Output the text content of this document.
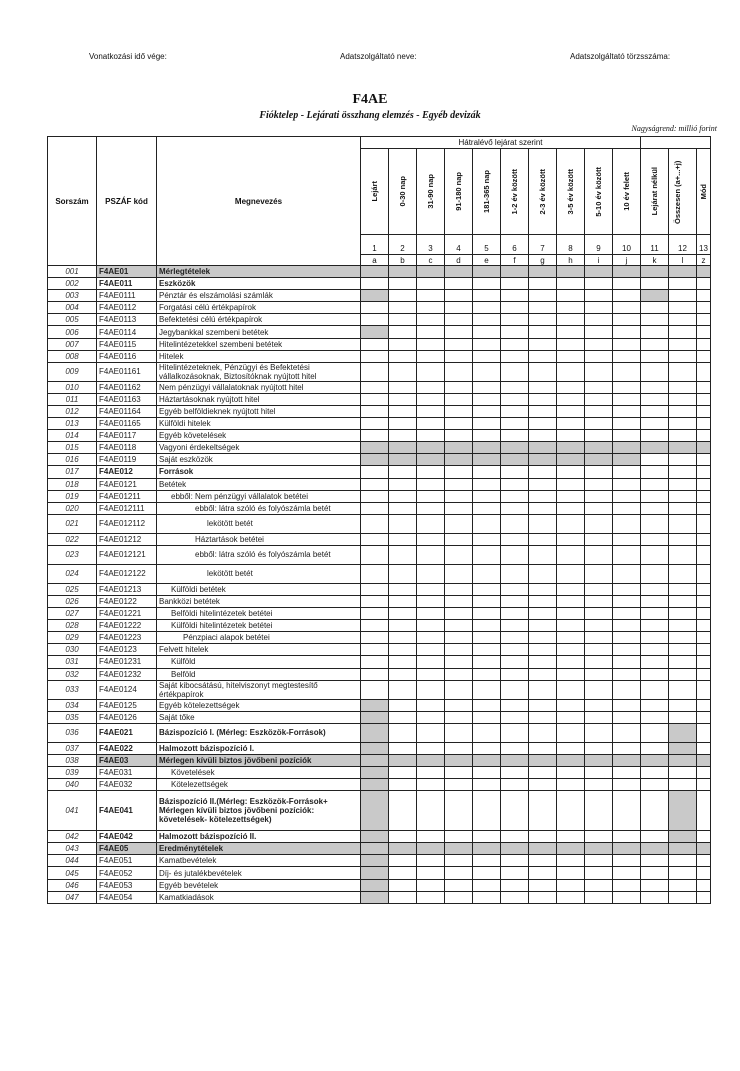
Vonatkozási idő vége:	Adatszolgáltató neve:	Adatszolgáltató törzsszáma:
F4AE
Fióktelep - Lejárati összhang elemzés - Egyéb devizák
Nagyságrend: millió forint
Sorszám	PSZÁF kód	Megnevezés	Hátralévő lejárat szerint												

			Lejárt	0-30 nap	31-90 nap	91-180 nap	181-365 nap	1-2 év között	2-3 év között	3-5 év között	5-10 év között	10 év felett	Lejárat nélkül	Összesen (a+...+j)	Mód

			1	2	3	4	5	6	7	8	9	10	11	12	13
			a	b	c	d	e	f	g	h	i	j	k	l	z
001	F4AE01	Mérlegtételek													
002	F4AE011	Eszközök													
003	F4AE0111	Pénztár és elszámolási számlák													
004	F4AE0112	Forgatási célú értékpapírok													
005	F4AE0113	Befektetési célú értékpapírok													
006	F4AE0114	Jegybankkal szembeni betétek													
007	F4AE0115	Hitelintézetekkel szembeni betétek													
008	F4AE0116	Hitelek													
009	F4AE01161	Hitelintézeteknek, Pénzügyi és Befektetési vállalkozásoknak, Biztosítóknak nyújtott hitel													
010	F4AE01162	Nem pénzügyi vállalatoknak nyújtott hitel													
011	F4AE01163	Háztartásoknak nyújtott hitel													
012	F4AE01164	Egyéb belföldieknek nyújtott hitel													
013	F4AE01165	Külföldi hitelek													
014	F4AE0117	Egyéb követelések													
015	F4AE0118	Vagyoni érdekeltségek													
016	F4AE0119	Saját eszközök													
017	F4AE012	Források													
018	F4AE0121	Betétek													
019	F4AE01211	ebből: Nem pénzügyi vállalatok betétei													
020	F4AE012111	ebből: látra szóló és folyószámla betét													
021	F4AE012112	lekötött betét													
022	F4AE01212	Háztartások betétei													
023	F4AE012121	ebből: látra szóló és folyószámla betét													
024	F4AE012122	lekötött betét													
025	F4AE01213	Külföldi betétek													
026	F4AE0122	Bankközi betétek													
027	F4AE01221	Belföldi hitelintézetek betétei													
028	F4AE01222	Külföldi hitelintézetek betétei													
029	F4AE01223	Pénzpiaci alapok betétei													
030	F4AE0123	Felvett hitelek													
031	F4AE01231	Külföld													
032	F4AE01232	Belföld													
033	F4AE0124	Saját kibocsátású, hitelviszonyt megtestesítő értékpapírok													
034	F4AE0125	Egyéb kötelezettségek													
035	F4AE0126	Saját tőke													
036	F4AE021	Bázispozíció I. (Mérleg: Eszközök-Források)													
037	F4AE022	Halmozott bázispozíció I.													
038	F4AE03	Mérlegen kívüli biztos jövőbeni pozíciók													
039	F4AE031	Követelések													
040	F4AE032	Kötelezettségek													
041	F4AE041	Bázispozíció II.(Mérleg: Eszközök-Források+ Mérlegen kívüli biztos jövőbeni pozíciók: követelések- kötelezettségek)													
042	F4AE042	Halmozott bázispozíció II.													
043	F4AE05	Eredménytételek													
044	F4AE051	Kamatbevételek													
045	F4AE052	Díj- és jutalékbevételek													
046	F4AE053	Egyéb bevételek													
047	F4AE054	Kamatkiadások													
